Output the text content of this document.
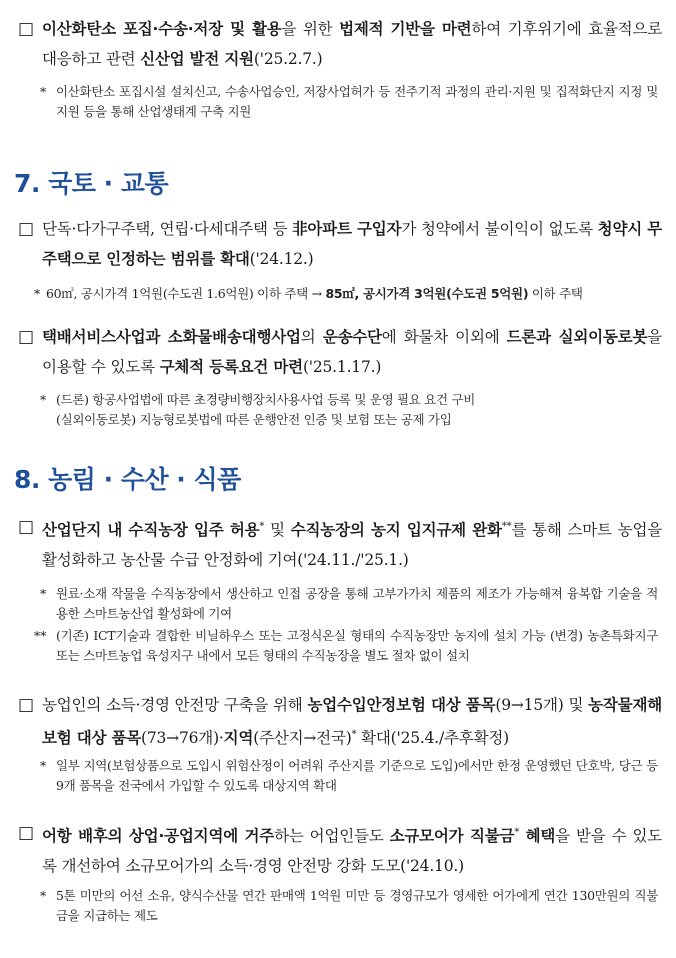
□ 이산화탄소 포집·수송·저장 및 활용을 위한 법제적 기반을 마련하여 기후위기에 효율적으로 대응하고 관련 신산업 발전 지원('25.2.7.)
* 이산화탄소 포집시설 설치신고, 수송사업승인, 저장사업허가 등 전주기적 과정의 관리·지원 및 집적화단지 지정 및 지원 등을 통해 산업생태계 구축 지원
7. 국토 · 교통
□ 단독·다가구주택, 연립·다세대주택 등 非아파트 구입자가 청약에서 불이익이 없도록 청약시 무주택으로 인정하는 범위를 확대('24.12.)
* 60㎡, 공시가격 1억원(수도권 1.6억원) 이하 주택 → 85㎡, 공시가격 3억원(수도권 5억원) 이하 주택
□ 택배서비스사업과 소화물배송대행사업의 운송수단에 화물차 이외에 드론과 실외이동로봇을 이용할 수 있도록 구체적 등록요건 마련('25.1.17.)
* (드론) 항공사업법에 따른 초경량비행장치사용사업 등록 및 운영 필요 요건 구비
(실외이동로봇) 지능형로봇법에 따른 운행안전 인증 및 보험 또는 공제 가입
8. 농림 · 수산 · 식품
□ 산업단지 내 수직농장 입주 허용* 및 수직농장의 농지 입지규제 완화**를 통해 스마트 농업을 활성화하고 농산물 수급 안정화에 기여('24.11./'25.1.)
* 원료·소재 작물을 수직농장에서 생산하고 인접 공장을 통해 고부가가치 제품의 제조가 가능해져 융복합 기술을 적용한 스마트농산업 활성화에 기여
** (기존) ICT기술과 결합한 비닐하우스 또는 고정식온실 형태의 수직농장만 농지에 설치 가능 (변경) 농촌특화지구 또는 스마트농업 육성지구 내에서 모든 형태의 수직농장을 별도 절차 없이 설치
□ 농업인의 소득·경영 안전망 구축을 위해 농업수입안정보험 대상 품목(9→15개) 및 농작물재해보험 대상 품목(73→76개)·지역(주산지→전국)* 확대('25.4./추후확정)
* 일부 지역(보험상품으로 도입시 위험산정이 어려워 주산지를 기준으로 도입)에서만 한정 운영했던 단호박, 당근 등 9개 품목을 전국에서 가입할 수 있도록 대상지역 확대
□ 어항 배후의 상업·공업지역에 거주하는 어업인들도 소규모어가 직불금* 혜택을 받을 수 있도록 개선하여 소규모어가의 소득·경영 안전망 강화 도모('24.10.)
* 5톤 미만의 어선 소유, 양식수산물 연간 판매액 1억원 미만 등 경영규모가 영세한 어가에게 연간 130만원의 직불금을 지급하는 제도
